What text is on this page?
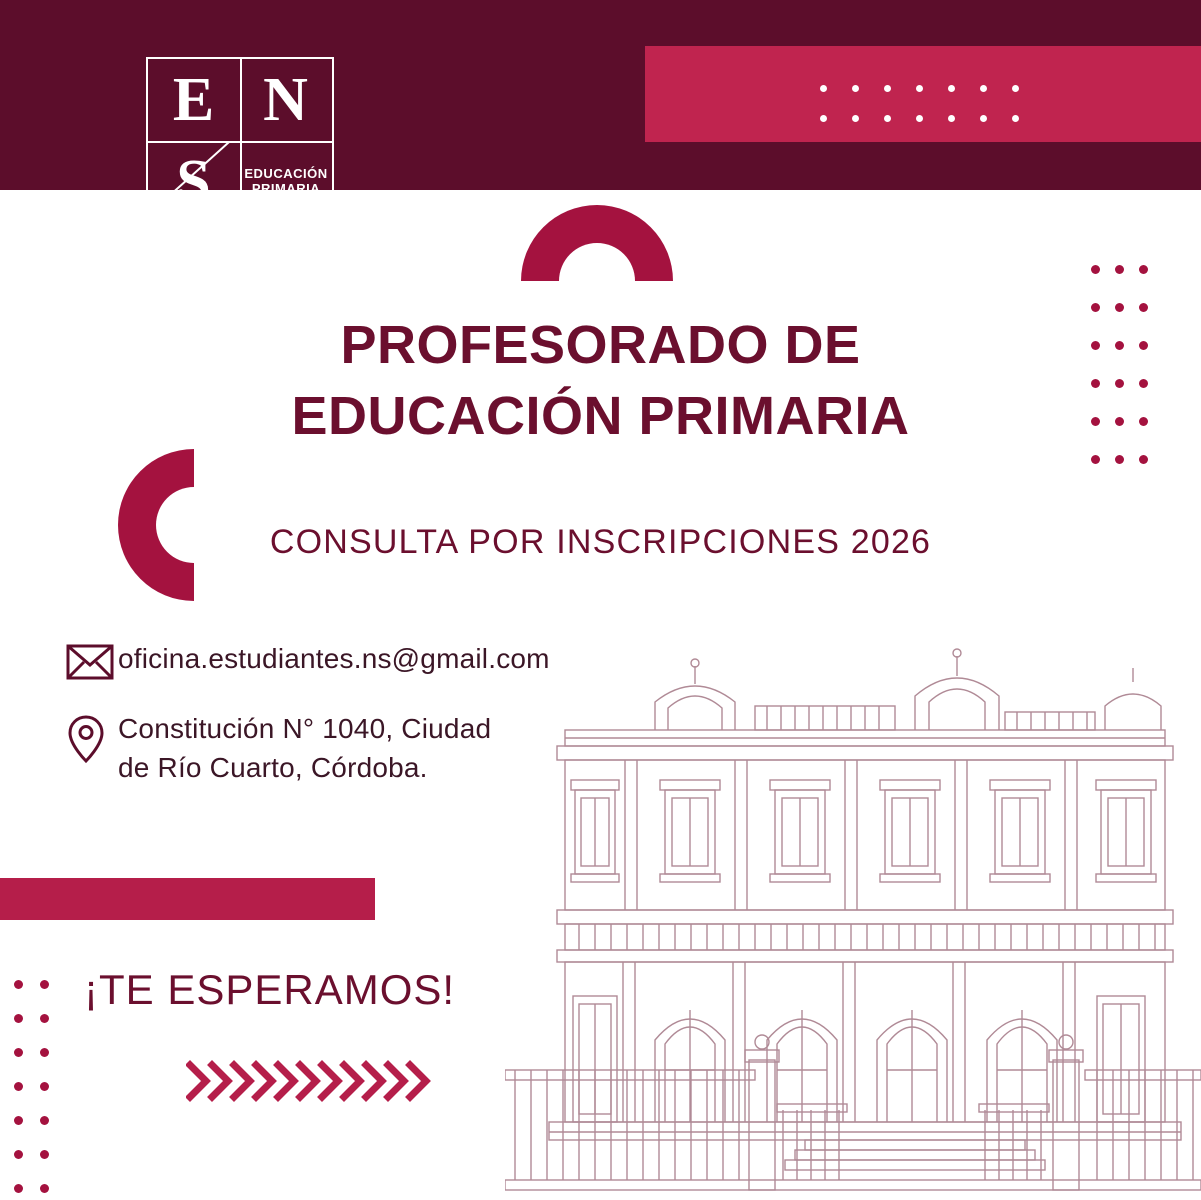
E N
S	EDUCACIÓN
PRIMARIA
PROFESORADO DE
EDUCACIÓN PRIMARIA
CONSULTA POR INSCRIPCIONES 2026
oficina.estudiantes.ns@gmail.com
Constitución N° 1040, Ciudad
de Río Cuarto, Córdoba.
¡TE ESPERAMOS!
